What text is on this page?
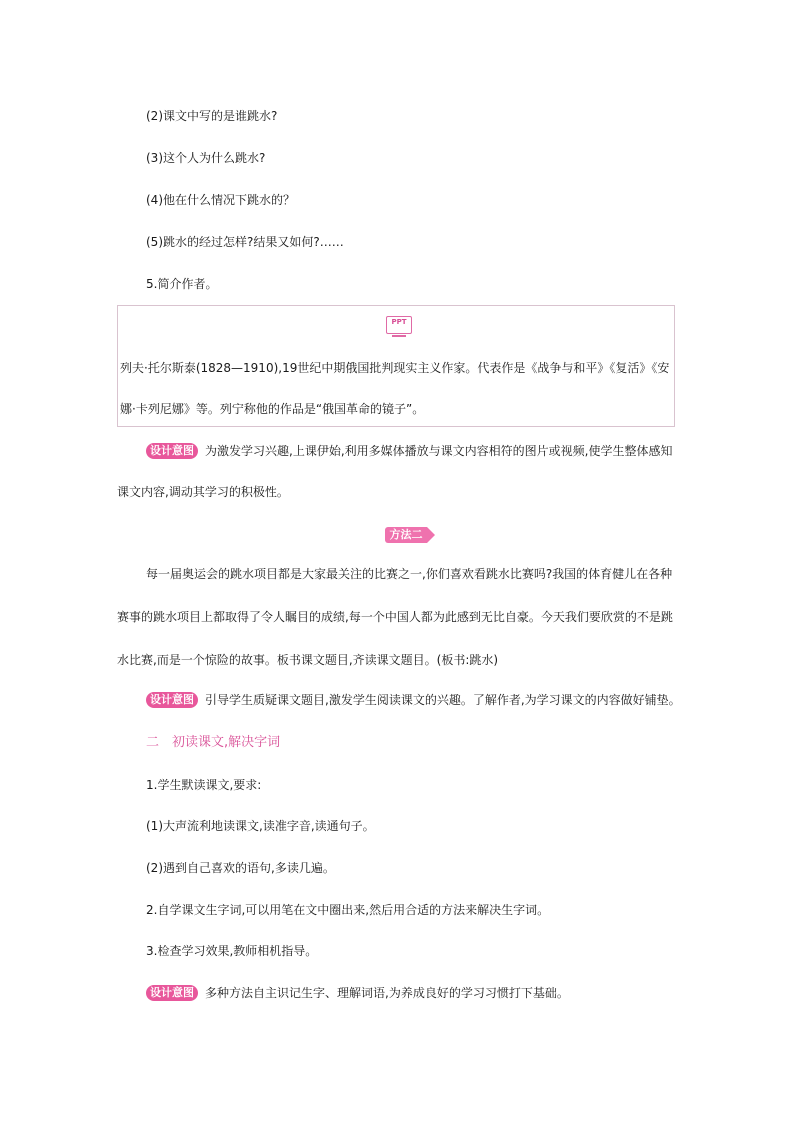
(2)课文中写的是谁跳水?
(3)这个人为什么跳水?
(4)他在什么情况下跳水的？
(5)跳水的经过怎样?结果又如何?……
5.简介作者。
PPT
列夫·托尔斯泰(1828—1910),19世纪中期俄国批判现实主义作家。代表作是《战争与和平》《复活》《安
娜·卡列尼娜》等。列宁称他的作品是“俄国革命的镜子”。
设计意图 为激发学习兴趣,上课伊始,利用多媒体播放与课文内容相符的图片或视频,使学生整体感知
课文内容,调动其学习的积极性。
方法二
每一届奥运会的跳水项目都是大家最关注的比赛之一,你们喜欢看跳水比赛吗?我国的体育健儿在各种
赛事的跳水项目上都取得了令人瞩目的成绩,每一个中国人都为此感到无比自豪。今天我们要欣赏的不是跳
水比赛,而是一个惊险的故事。板书课文题目,齐读课文题目。(板书:跳水)
设计意图 引导学生质疑课文题目,激发学生阅读课文的兴趣。了解作者,为学习课文的内容做好铺垫。
二　初读课文,解决字词
1.学生默读课文,要求:
(1)大声流利地读课文,读准字音,读通句子。
(2)遇到自己喜欢的语句,多读几遍。
2.自学课文生字词,可以用笔在文中圈出来,然后用合适的方法来解决生字词。
3.检查学习效果,教师相机指导。
设计意图 多种方法自主识记生字、理解词语,为养成良好的学习习惯打下基础。
